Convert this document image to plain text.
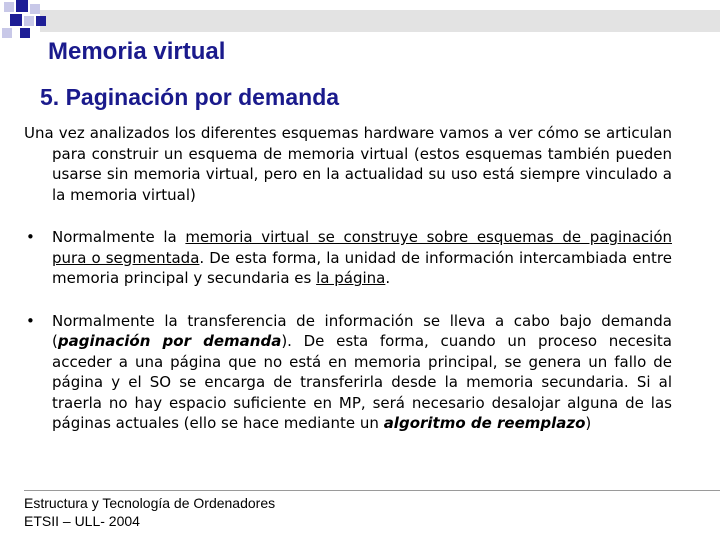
Memoria virtual
5. Paginación por demanda

Una vez analizados los diferentes esquemas hardware vamos a ver cómo se articulan para construir un esquema de memoria virtual (estos esquemas también pueden usarse sin memoria virtual, pero en la actualidad su uso está siempre vinculado a la memoria virtual)

• Normalmente la memoria virtual se construye sobre esquemas de paginación pura o segmentada. De esta forma, la unidad de información intercambiada entre memoria principal y secundaria es la página.

• Normalmente la transferencia de información se lleva a cabo bajo demanda (paginación por demanda). De esta forma, cuando un proceso necesita acceder a una página que no está en memoria principal, se genera un fallo de página y el SO se encarga de transferirla desde la memoria secundaria. Si al traerla no hay espacio suficiente en MP, será necesario desalojar alguna de las páginas actuales (ello se hace mediante un algoritmo de reemplazo)

Estructura y Tecnología de Ordenadores
ETSII – ULL- 2004
